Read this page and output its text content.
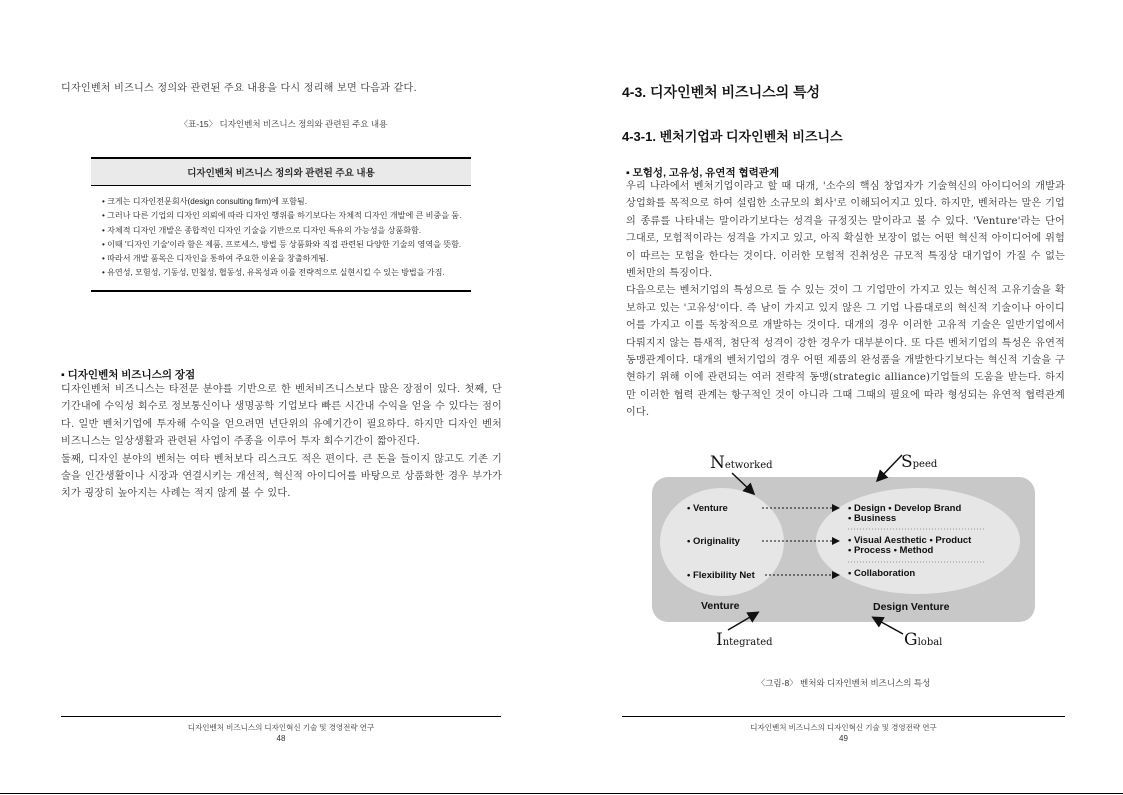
디자인벤처 비즈니스 정의와 관련된 주요 내용을 다시 정리해 보면 다음과 같다.
〈표-15〉 디자인벤처 비즈니스 정의와 관련된 주요 내용
디자인벤처 비즈니스 정의와 관련된 주요 내용

• 크게는 디자인전문회사(design consulting firm)에 포함됨.
• 그러나 다른 기업의 디자인 의뢰에 따라 디자인 행위를 하기보다는 자체적 디자인 개발에 큰 비중을 둠.
• 자체적 디자인 개발은 종합적인 디자인 기술을 기반으로 디자인 특유의 가능성을 상품화함.
• 이때 '디자인 기술'이라 함은 제품, 프로세스, 방법 등 상품화와 직접 관련된 다양한 기술의 영역을 뜻함.
• 따라서 개발 품목은 디자인을 통하여 주요한 이윤을 창출하게됨.
• 유연성, 모험성, 기동성, 민첩성, 협동성, 유목성과 이를 전략적으로 실현시킬 수 있는 방법을 가짐.
▪ 디자인벤처 비즈니스의 장점

디자인벤처 비즈니스는 타전문 분야를 기반으로 한 벤처비즈니스보다 많은 장점이 있다. 첫째, 단기간내에 수익성 회수로 정보통신이나 생명공학 기업보다 빠른 시간내 수익을 얻을 수 있다는 점이다. 일반 벤처기업에 투자해 수익을 얻으려면 년단위의 유예기간이 필요하다. 하지만 디자인 벤처 비즈니스는 일상생활과 관련된 사업이 주종을 이루어 투자 회수기간이 짧아진다.

둘째, 디자인 분야의 벤처는 여타 벤처보다 리스크도 적은 편이다. 큰 돈을 들이지 않고도 기존 기술을 인간생활이나 시장과 연결시키는 개선적, 혁신적 아이디어를 바탕으로 상품화한 경우 부가가치가 굉장히 높아지는 사례는 적지 않게 볼 수 있다.

디자인벤처 비즈니스의 디자인혁신 기술 및 경영전략 연구
48
4-3. 디자인벤처 비즈니스의 특성
4-3-1. 벤처기업과 디자인벤처 비즈니스
▪ 모험성, 고유성, 유연적 협력관계

우리 나라에서 벤처기업이라고 할 때 대개, '소수의 핵심 창업자가 기술혁신의 아이디어의 개발과 상업화를 목적으로 하여 설립한 소규모의 회사'로 이해되어지고 있다. 하지만, 벤처라는 말은 기업의 종류를 나타내는 말이라기보다는 성격을 규정짓는 말이라고 볼 수 있다. 'Venture'라는 단어 그대로, 모험적이라는 성격을 가지고 있고, 아직 확실한 보장이 없는 어떤 혁신적 아이디어에 위험이 따르는 모험을 한다는 것이다. 이러한 모험적 진취성은 규모적 특징상 대기업이 가질 수 없는 벤처만의 특징이다.

다음으로는 벤처기업의 특성으로 들 수 있는 것이 그 기업만이 가지고 있는 혁신적 고유기술을 확보하고 있는 '고유성'이다. 즉 남이 가지고 있지 않은 그 기업 나름대로의 혁신적 기술이나 아이디어를 가지고 이를 독창적으로 개발하는 것이다. 대개의 경우 이러한 고유적 기술은 일반기업에서 다뤄지지 않는 틈새적, 첨단적 성격이 강한 경우가 대부분이다. 또 다른 벤처기업의 특성은 유연적 동맹관계이다. 대개의 벤처기업의 경우 어떤 제품의 완성품을 개발한다기보다는 혁신적 기술을 구현하기 위해 이에 관련되는 여러 전략적 동맹(strategic alliance)기업들의 도움을 받는다. 하지만 이러한 협력 관계는 항구적인 것이 아니라 그때 그때의 필요에 따라 형성되는 유연적 협력관계이다.

• Venture
• Originality
• Flexibility Net
• Design • Develop Brand
• Business
• Visual Aesthetic • Product
• Process • Method
• Collaboration
Venture	Design Venture
Networked	Speed
Integrated	Global
〈그림-8〉 벤처와 디자인벤처 비즈니스의 특성
디자인벤처 비즈니스의 디자인혁신 기술 및 경영전략 연구
49
